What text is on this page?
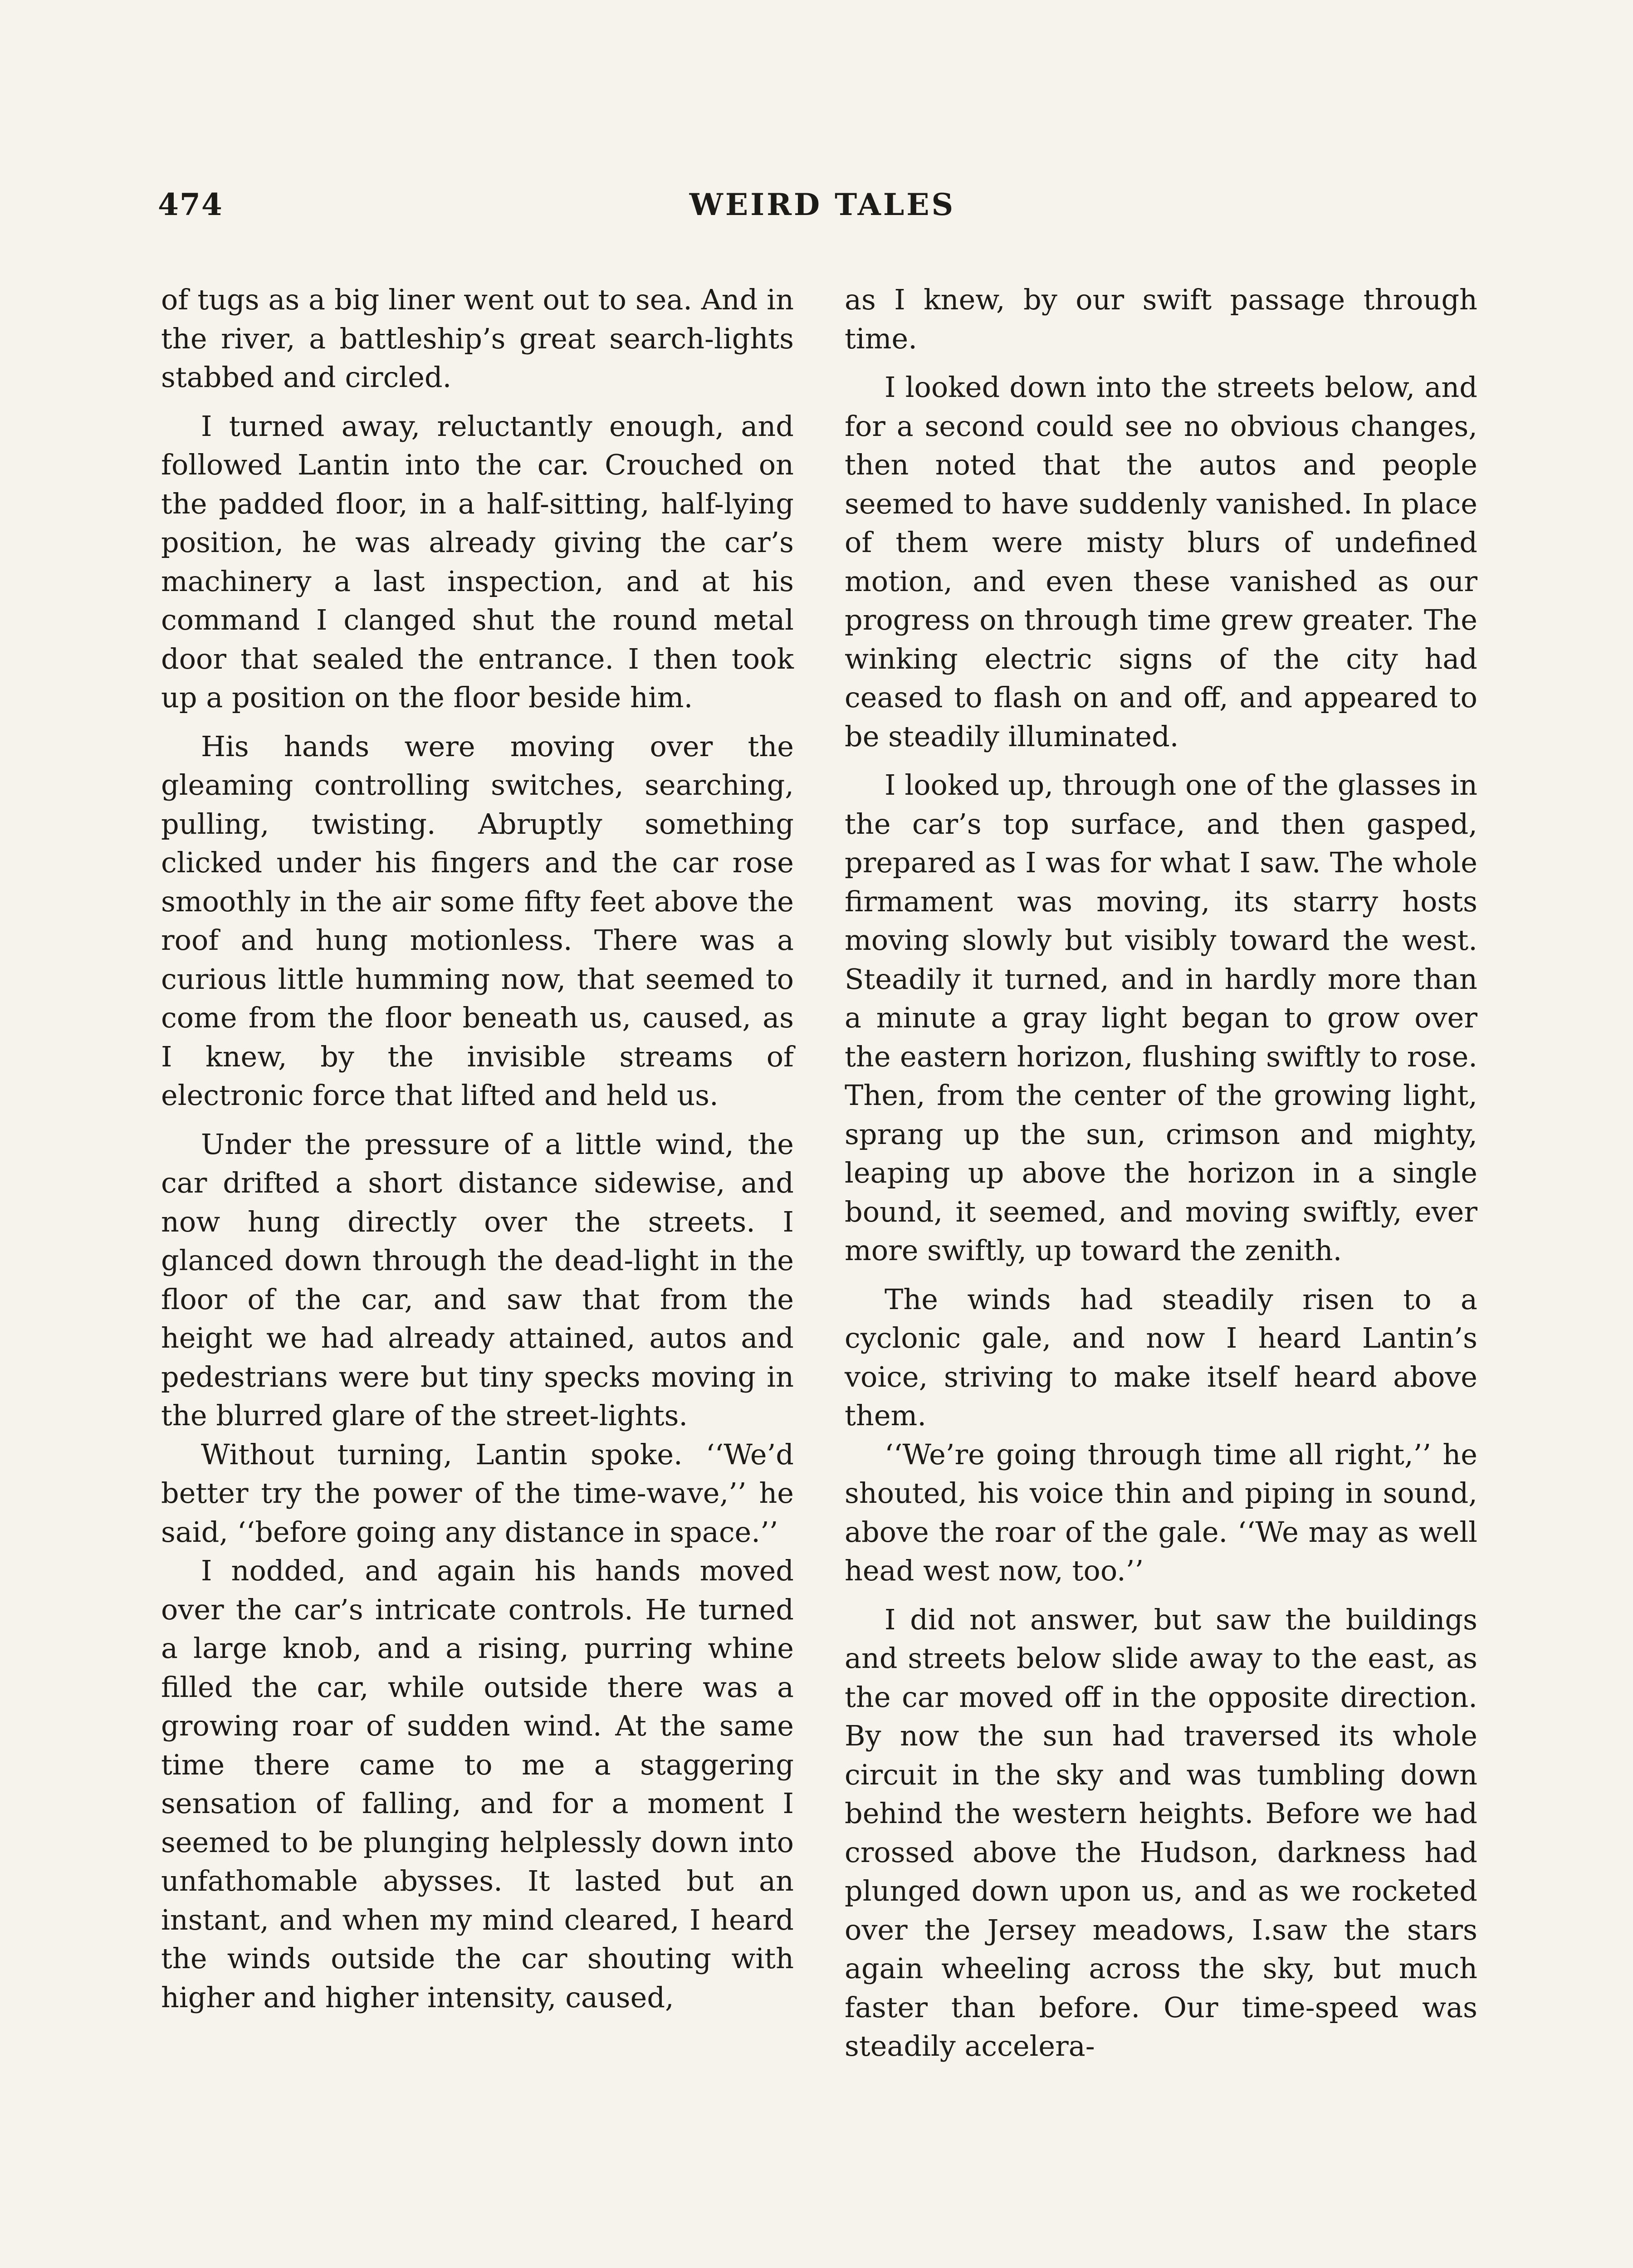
474	WEIRD TALES

of tugs as a big liner went out to sea. And in the river, a battleship’s great search-lights stabbed and circled.

I turned away, reluctantly enough, and followed Lantin into the car. Crouched on the padded floor, in a half-sitting, half-lying position, he was already giving the car’s machinery a last inspection, and at his command I clanged shut the round metal door that sealed the entrance. I then took up a position on the floor beside him.

His hands were moving over the gleaming controlling switches, searching, pulling, twisting. Abruptly something clicked under his fingers and the car rose smoothly in the air some fifty feet above the roof and hung motionless. There was a curious little humming now, that seemed to come from the floor beneath us, caused, as I knew, by the invisible streams of electronic force that lifted and held us.

Under the pressure of a little wind, the car drifted a short distance sidewise, and now hung directly over the streets. I glanced down through the dead-light in the floor of the car, and saw that from the height we had already attained, autos and pedestrians were but tiny specks moving in the blurred glare of the street-lights.

Without turning, Lantin spoke. ‘‘We’d better try the power of the time-wave,’’ he said, ‘‘before going any distance in space.’’

I nodded, and again his hands moved over the car’s intricate controls. He turned a large knob, and a rising, purring whine filled the car, while outside there was a growing roar of sudden wind. At the same time there came to me a staggering sensation of falling, and for a moment I seemed to be plunging helplessly down into unfathomable abysses. It lasted but an instant, and when my mind cleared, I heard the winds outside the car shouting with higher and higher intensity, caused,

as I knew, by our swift passage through time.

I looked down into the streets below, and for a second could see no obvious changes, then noted that the autos and people seemed to have suddenly vanished. In place of them were misty blurs of undefined motion, and even these vanished as our progress on through time grew greater. The winking electric signs of the city had ceased to flash on and off, and appeared to be steadily illuminated.

I looked up, through one of the glasses in the car’s top surface, and then gasped, prepared as I was for what I saw. The whole firmament was moving, its starry hosts moving slowly but visibly toward the west. Steadily it turned, and in hardly more than a minute a gray light began to grow over the eastern horizon, flushing swiftly to rose. Then, from the center of the growing light, sprang up the sun, crimson and mighty, leaping up above the horizon in a single bound, it seemed, and moving swiftly, ever more swiftly, up toward the zenith.

The winds had steadily risen to a cyclonic gale, and now I heard Lantin’s voice, striving to make itself heard above them.

‘‘We’re going through time all right,’’ he shouted, his voice thin and piping in sound, above the roar of the gale. ‘‘We may as well head west now, too.’’

I did not answer, but saw the buildings and streets below slide away to the east, as the car moved off in the opposite direction. By now the sun had traversed its whole circuit in the sky and was tumbling down behind the western heights. Before we had crossed above the Hudson, darkness had plunged down upon us, and as we rocketed over the Jersey meadows, I.saw the stars again wheeling across the sky, but much faster than before. Our time-speed was steadily accelera-
